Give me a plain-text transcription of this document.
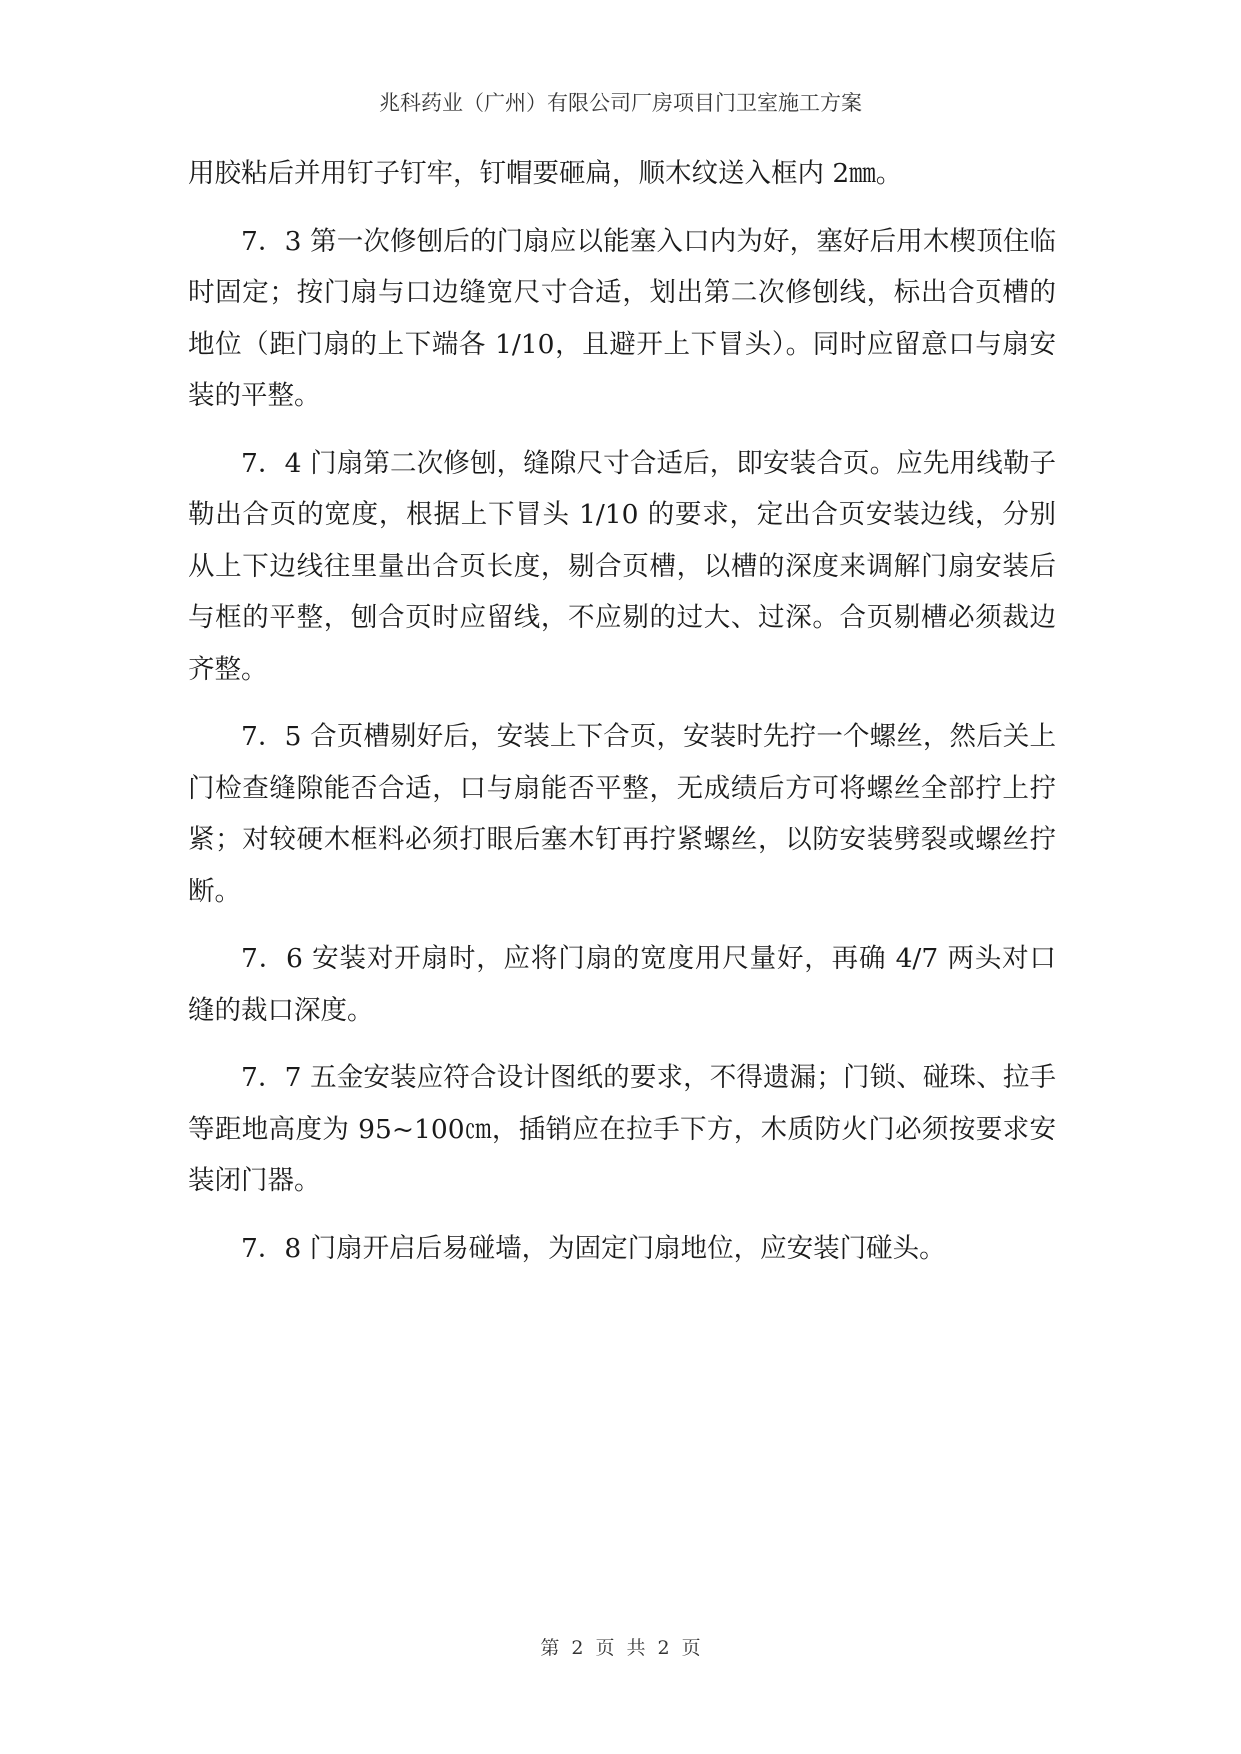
兆科药业（广州）有限公司厂房项目门卫室施工方案

用胶粘后并用钉子钉牢，钉帽要砸扁，顺木纹送入框内 2㎜。

7．3 第一次修刨后的门扇应以能塞入口内为好，塞好后用木楔顶住临时固定；按门扇与口边缝宽尺寸合适，划出第二次修刨线，标出合页槽的地位（距门扇的上下端各 1/10，且避开上下冒头）。同时应留意口与扇安装的平整。

7．4 门扇第二次修刨，缝隙尺寸合适后，即安装合页。应先用线勒子勒出合页的宽度，根据上下冒头 1/10 的要求，定出合页安装边线，分别从上下边线往里量出合页长度，剔合页槽，以槽的深度来调解门扇安装后与框的平整，刨合页时应留线，不应剔的过大、过深。合页剔槽必须裁边齐整。

7．5 合页槽剔好后，安装上下合页，安装时先拧一个螺丝，然后关上门检查缝隙能否合适，口与扇能否平整，无成绩后方可将螺丝全部拧上拧紧；对较硬木框料必须打眼后塞木钉再拧紧螺丝，以防安装劈裂或螺丝拧断。

7．6 安装对开扇时，应将门扇的宽度用尺量好，再确 4/7 两头对口缝的裁口深度。

7．7 五金安装应符合设计图纸的要求，不得遗漏；门锁、碰珠、拉手等距地高度为 95~100㎝，插销应在拉手下方，木质防火门必须按要求安装闭门器。

7．8 门扇开启后易碰墙，为固定门扇地位，应安装门碰头。

第 2 页 共 2 页
